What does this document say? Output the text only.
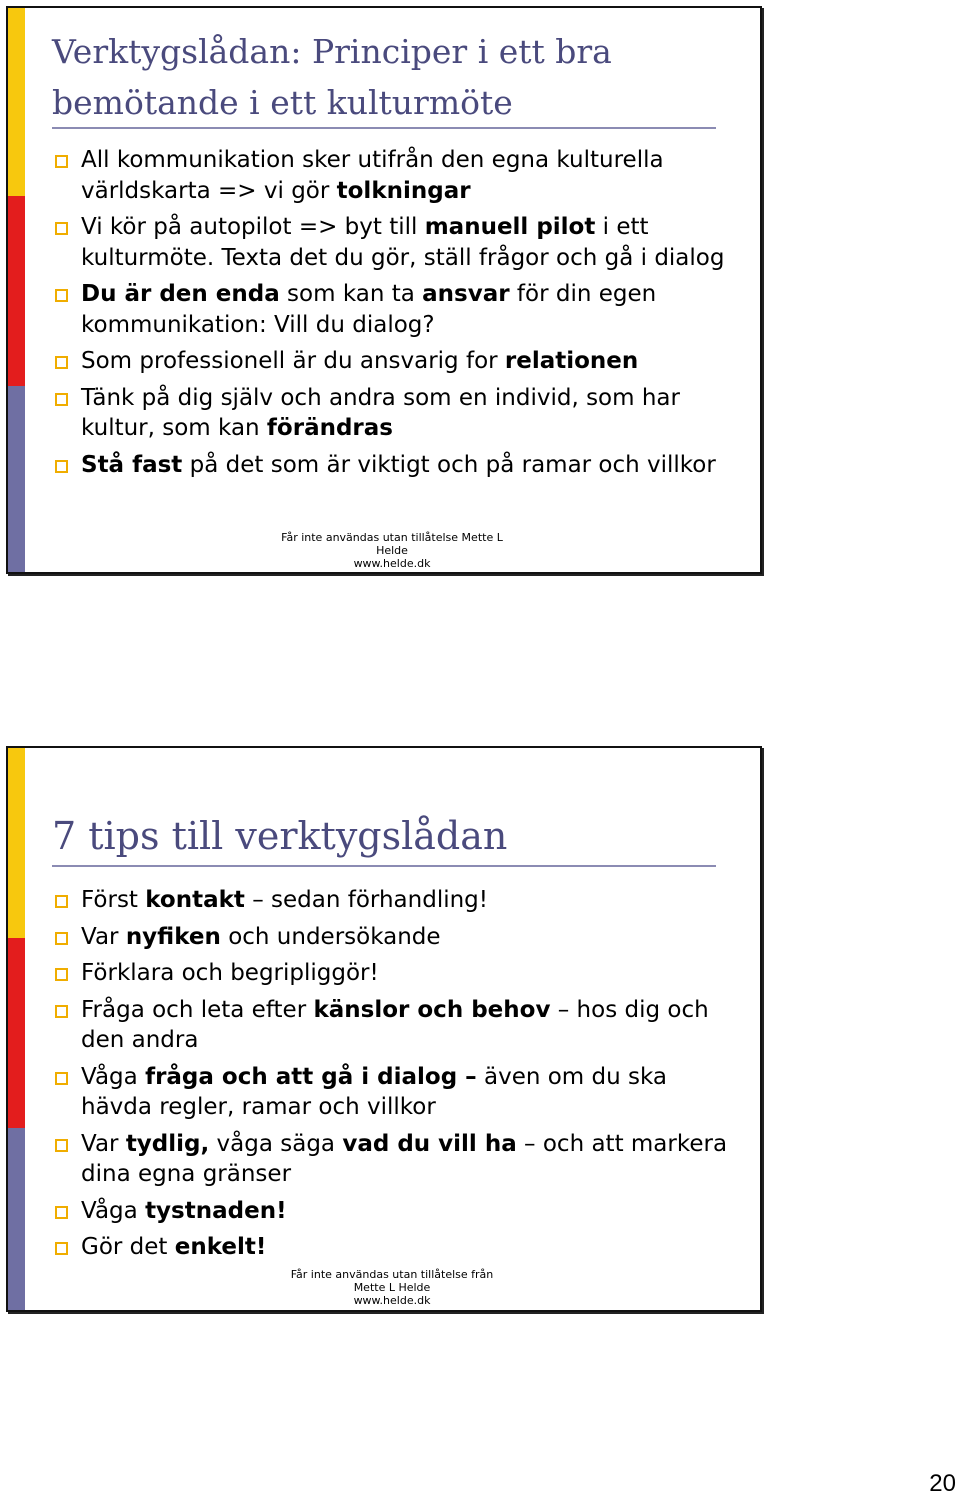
Verktygslådan: Principer i ett bra bemötande i ett kulturmöte
All kommunikation sker utifrån den egna kulturella världskarta => vi gör tolkningar
Vi kör på autopilot => byt till manuell pilot i ett kulturmöte. Texta det du gör, ställ frågor och gå i dialog
Du är den enda som kan ta ansvar för din egen kommunikation: Vill du dialog?
Som professionell är du ansvarig for relationen
Tänk på dig själv och andra som en individ, som har kultur, som kan förändras
Stå fast på det som är viktigt och på ramar och villkor
Får inte användas utan tillåtelse Mette L
Helde
www.helde.dk
7 tips till verktygslådan
Först kontakt – sedan förhandling!
Var nyfiken och undersökande
Förklara och begripliggör!
Fråga och leta efter känslor och behov – hos dig och den andra
Våga fråga och att gå i dialog – även om du ska hävda regler, ramar och villkor
Var tydlig, våga säga vad du vill ha – och att markera dina egna gränser
Våga tystnaden!
Gör det enkelt!
Får inte användas utan tillåtelse från
Mette L Helde
www.helde.dk
20
